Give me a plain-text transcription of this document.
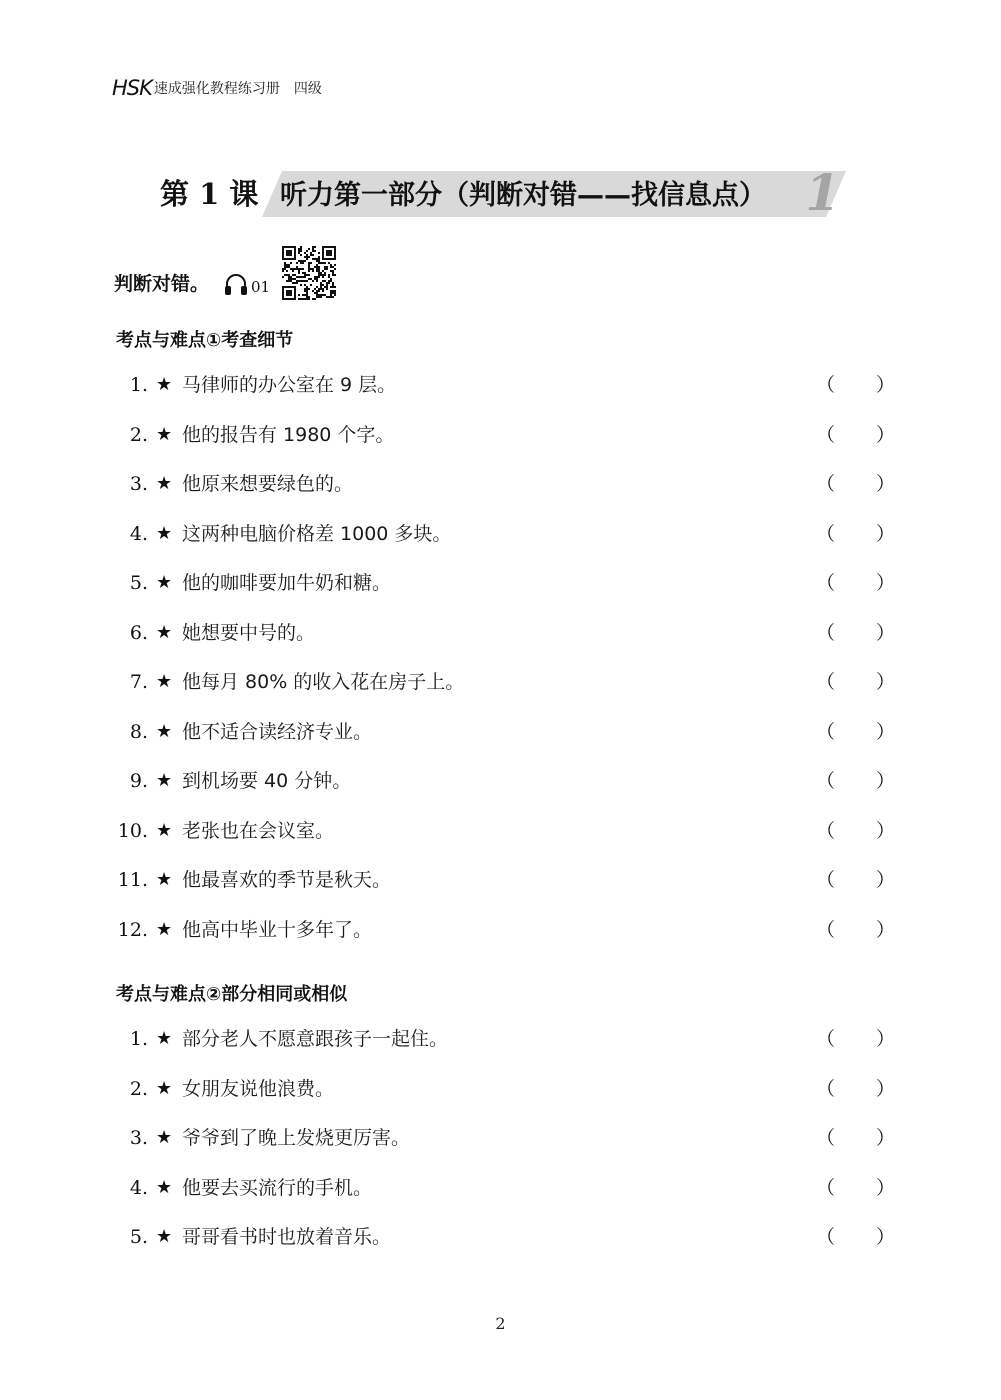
HSK 速成强化教程练习册 四级
第 1 课 听力第一部分（判断对错——找信息点） 1
判断对错。	01
考点与难点①考查细节
考点与难点②部分相同或相似
1. ★ 马律师的办公室在 9 层。	（ ）
2. ★ 他的报告有 1980 个字。	（ ）
3. ★ 他原来想要绿色的。	（ ）
4. ★ 这两种电脑价格差 1000 多块。	（ ）
5. ★ 他的咖啡要加牛奶和糖。	（ ）
6. ★ 她想要中号的。	（ ）
7. ★ 他每月 80% 的收入花在房子上。	（ ）
8. ★ 他不适合读经济专业。	（ ）
9. ★ 到机场要 40 分钟。	（ ）
10. ★ 老张也在会议室。	（ ）
11. ★ 他最喜欢的季节是秋天。	（ ）
12. ★ 他高中毕业十多年了。	（ ）
1. ★ 部分老人不愿意跟孩子一起住。	（ ）
2. ★ 女朋友说他浪费。	（ ）
3. ★ 爷爷到了晚上发烧更厉害。	（ ）
4. ★ 他要去买流行的手机。	（ ）
5. ★ 哥哥看书时也放着音乐。	（ ）
2
